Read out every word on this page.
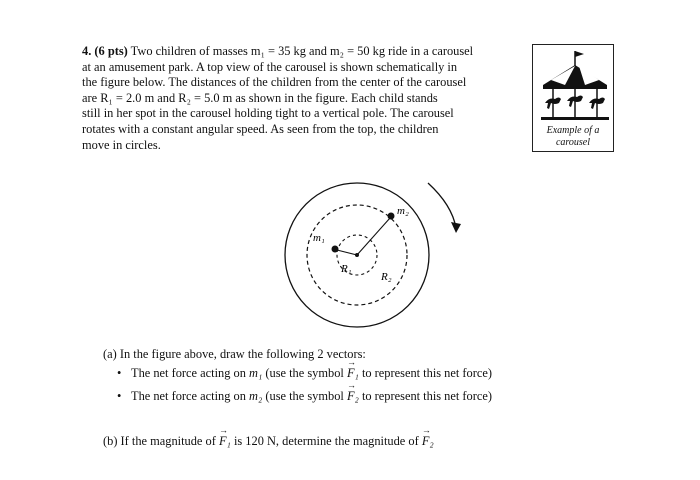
4. (6 pts) Two children of masses m₁ = 35 kg and m₂ = 50 kg ride in a carousel
at an amusement park. A top view of the carousel is shown schematically in
the figure below. The distances of the children from the center of the carousel
are R₁ = 2.0 m and R₂ = 5.0 m as shown in the figure. Each child stands
still in her spot in the carousel holding tight to a vertical pole. The carousel
rotates with a constant angular speed. As seen from the top, the children
move in circles.
Example of a
carousel
m₁
m₂
R₁
R₂
(a) In the figure above, draw the following 2 vectors:
• The net force acting on m₁ (use the symbol → F₁ to represent this net force)
• The net force acting on m₂ (use the symbol → F₂ to represent this net force)
(b) If the magnitude of → F₁ is 120 N, determine the magnitude of → F₂
